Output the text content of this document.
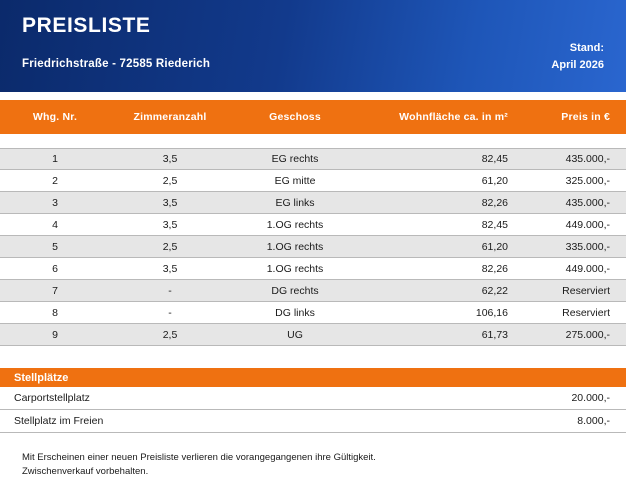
PREISLISTE
Friedrichstraße - 72585 Riederich
Stand:
April 2026
Whg. Nr.	Zimmeranzahl	Geschoss	Wohnfläche ca. in m²	Preis in €
1	3,5	EG rechts	82,45	435.000,-
2	2,5	EG mitte	61,20	325.000,-
3	3,5	EG links	82,26	435.000,-
4	3,5	1.OG rechts	82,45	449.000,-
5	2,5	1.OG rechts	61,20	335.000,-
6	3,5	1.OG rechts	82,26	449.000,-
7	-	DG rechts	62,22	Reserviert
8	-	DG links	106,16	Reserviert
9	2,5	UG	61,73	275.000,-
Stellplätze
Carportstellplatz	20.000,-
Stellplatz im Freien	8.000,-
Mit Erscheinen einer neuen Preisliste verlieren die vorangegangenen ihre Gültigkeit.
Zwischenverkauf vorbehalten.
